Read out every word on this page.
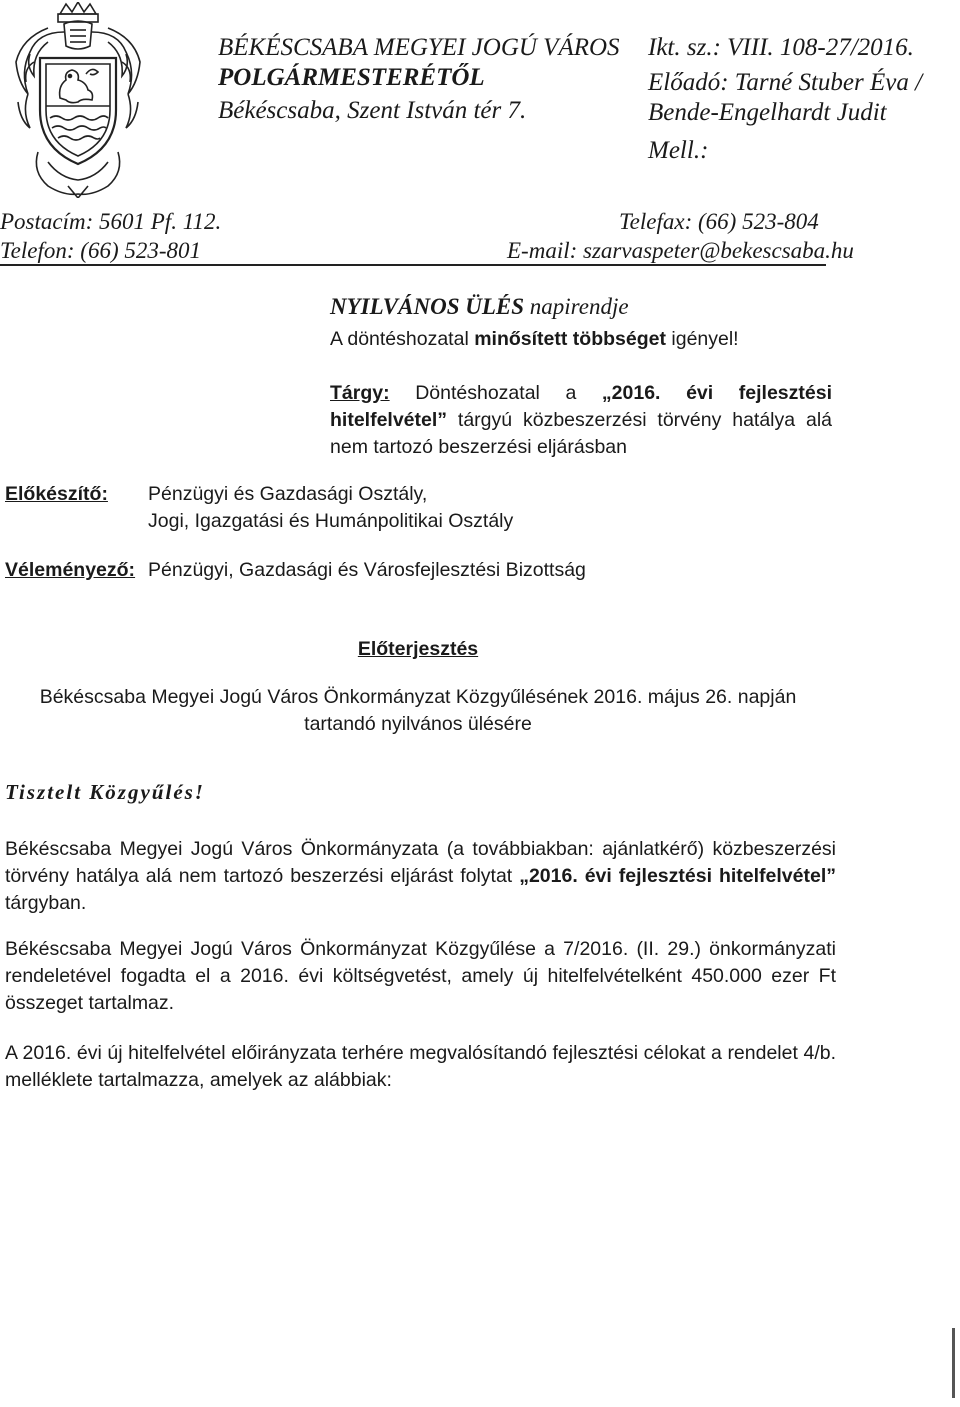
BÉKÉSCSABA MEGYEI JOGÚ VÁROS
POLGÁRMESTERÉTŐL
Békéscsaba, Szent István tér 7.
Ikt. sz.: VIII. 108-27/2016.
Előadó: Tarné Stuber Éva /
Bende-Engelhardt Judit
Mell.:
Postacím: 5601 Pf. 112.
Telefon: (66) 523-801
Telefax: (66) 523-804
E-mail: szarvaspeter@bekescsaba.hu
NYILVÁNOS ÜLÉS napirendje
A döntéshozatal minősített többséget igényel!
Tárgy: Döntéshozatal a „2016. évi fejlesztési hitelfelvétel” tárgyú közbeszerzési törvény hatálya alá nem tartozó beszerzési eljárásban
Előkészítő: Pénzügyi és Gazdasági Osztály,
Jogi, Igazgatási és Humánpolitikai Osztály
Véleményező: Pénzügyi, Gazdasági és Városfejlesztési Bizottság
Előterjesztés
Békéscsaba Megyei Jogú Város Önkormányzat Közgyűlésének 2016. május 26. napján
tartandó nyilvános ülésére
Tisztelt Közgyűlés!
Békéscsaba Megyei Jogú Város Önkormányzata (a továbbiakban: ajánlatkérő) közbeszerzési törvény hatálya alá nem tartozó beszerzési eljárást folytat „2016. évi fejlesztési hitelfelvétel” tárgyban.
Békéscsaba Megyei Jogú Város Önkormányzat Közgyűlése a 7/2016. (II. 29.) önkormányzati rendeletével fogadta el a 2016. évi költségvetést, amely új hitelfelvételként 450.000 ezer Ft összeget tartalmaz.
A 2016. évi új hitelfelvétel előirányzata terhére megvalósítandó fejlesztési célokat a rendelet 4/b. melléklete tartalmazza, amelyek az alábbiak:
